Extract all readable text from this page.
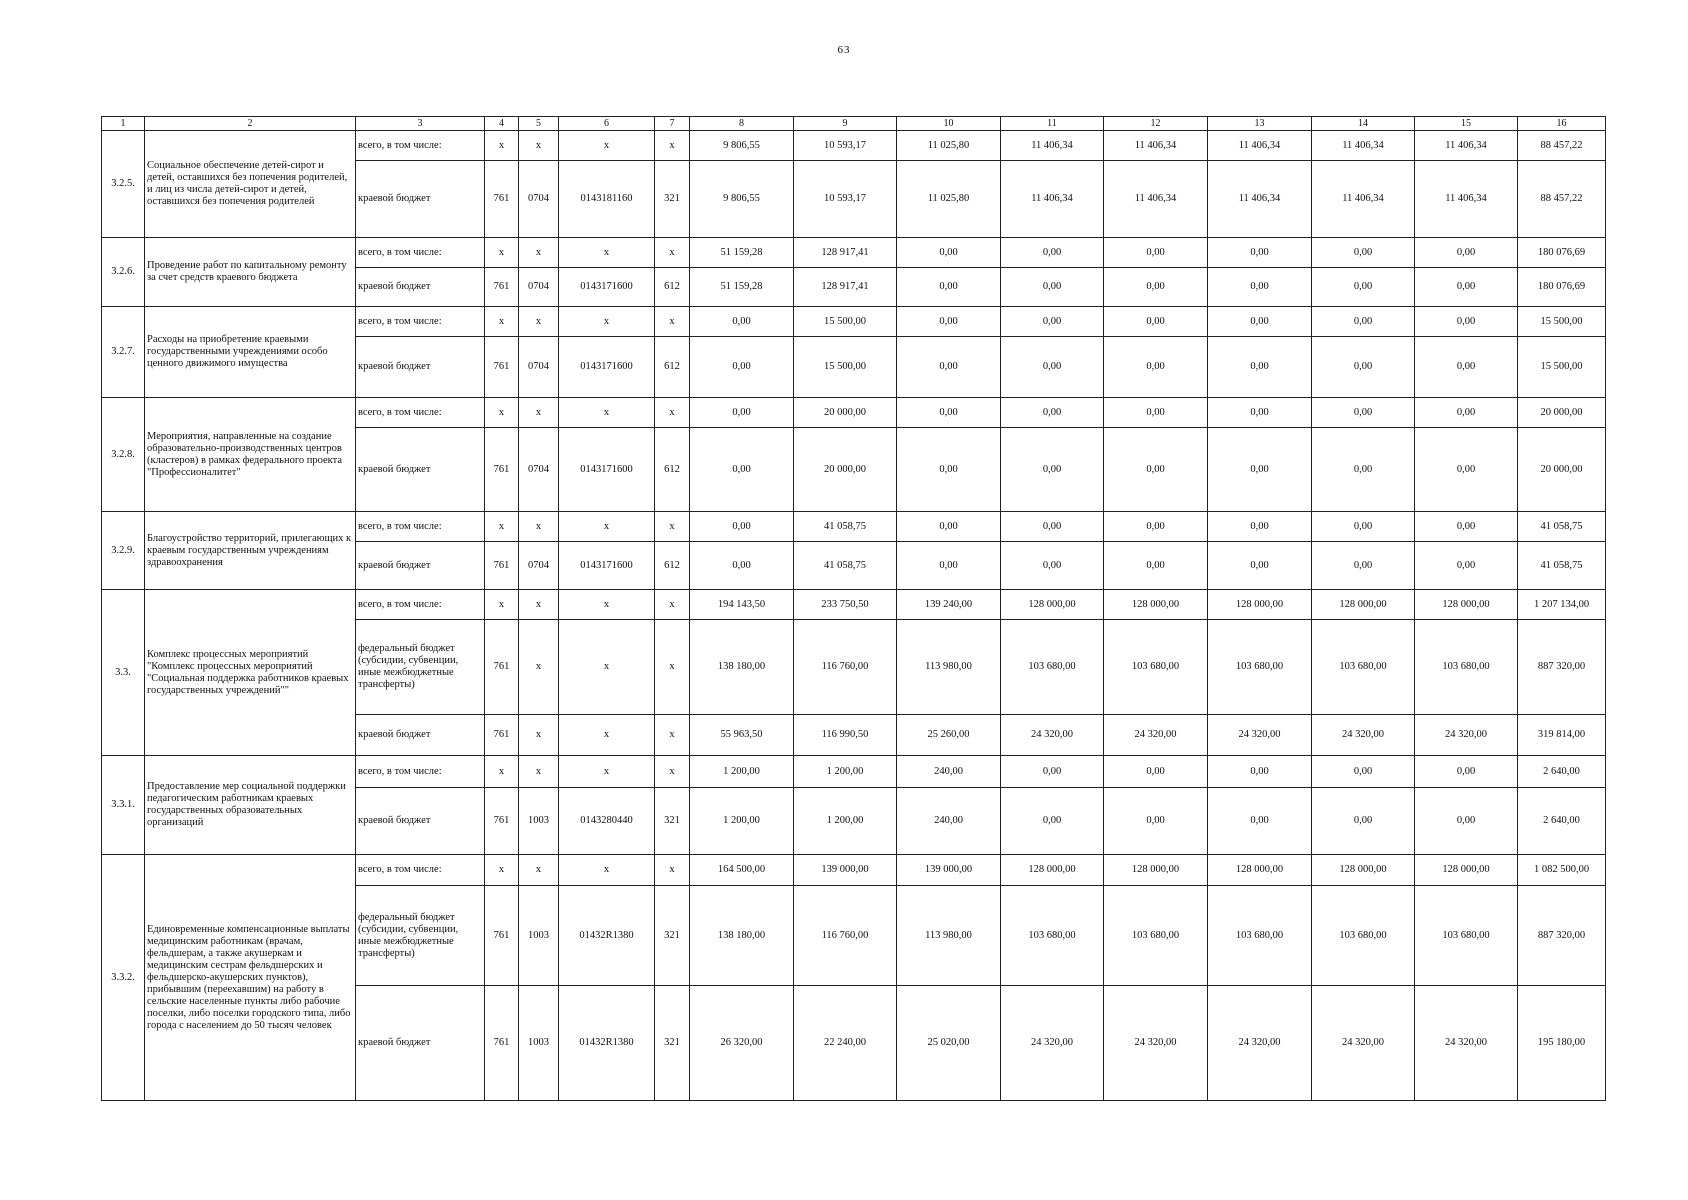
63
1	2	3	4	5	6	7	8	9	10	11	12	13	14	15	16
3.2.5.	Социальное обеспечение детей-сирот и детей, оставшихся без попечения родителей, и лиц из числа детей-сирот и детей, оставшихся без попечения родителей	всего, в том числе:	x	x	x	x	9 806,55	10 593,17	11 025,80	11 406,34	11 406,34	11 406,34	11 406,34	11 406,34	88 457,22
		краевой бюджет	761	0704	0143181160	321	9 806,55	10 593,17	11 025,80	11 406,34	11 406,34	11 406,34	11 406,34	11 406,34	88 457,22
3.2.6.	Проведение работ по капитальному ремонту за счет средств краевого бюджета	всего, в том числе:	x	x	x	x	51 159,28	128 917,41	0,00	0,00	0,00	0,00	0,00	0,00	180 076,69
		краевой бюджет	761	0704	0143171600	612	51 159,28	128 917,41	0,00	0,00	0,00	0,00	0,00	0,00	180 076,69
3.2.7.	Расходы на приобретение краевыми государственными учреждениями особо ценного движимого имущества	всего, в том числе:	x	x	x	x	0,00	15 500,00	0,00	0,00	0,00	0,00	0,00	0,00	15 500,00
		краевой бюджет	761	0704	0143171600	612	0,00	15 500,00	0,00	0,00	0,00	0,00	0,00	0,00	15 500,00
3.2.8.	Мероприятия, направленные на создание образовательно-производственных центров (кластеров) в рамках федерального проекта "Профессионалитет"	всего, в том числе:	x	x	x	x	0,00	20 000,00	0,00	0,00	0,00	0,00	0,00	0,00	20 000,00
		краевой бюджет	761	0704	0143171600	612	0,00	20 000,00	0,00	0,00	0,00	0,00	0,00	0,00	20 000,00
3.2.9.	Благоустройство территорий, прилегающих к краевым государственным учреждениям здравоохранения	всего, в том числе:	x	x	x	x	0,00	41 058,75	0,00	0,00	0,00	0,00	0,00	0,00	41 058,75
		краевой бюджет	761	0704	0143171600	612	0,00	41 058,75	0,00	0,00	0,00	0,00	0,00	0,00	41 058,75
3.3.	Комплекс процессных мероприятий "Комплекс процессных мероприятий "Социальная поддержка работников краевых государственных учреждений""	всего, в том числе:	x	x	x	x	194 143,50	233 750,50	139 240,00	128 000,00	128 000,00	128 000,00	128 000,00	128 000,00	1 207 134,00
		федеральный бюджет (субсидии, субвенции, иные межбюджетные трансферты)	761	x	x	x	138 180,00	116 760,00	113 980,00	103 680,00	103 680,00	103 680,00	103 680,00	103 680,00	887 320,00
		краевой бюджет	761	x	x	x	55 963,50	116 990,50	25 260,00	24 320,00	24 320,00	24 320,00	24 320,00	24 320,00	319 814,00
3.3.1.	Предоставление мер социальной поддержки педагогическим работникам краевых государственных образовательных организаций	всего, в том числе:	x	x	x	x	1 200,00	1 200,00	240,00	0,00	0,00	0,00	0,00	0,00	2 640,00
		краевой бюджет	761	1003	0143280440	321	1 200,00	1 200,00	240,00	0,00	0,00	0,00	0,00	0,00	2 640,00
3.3.2.	Единовременные компенсационные выплаты медицинским работникам (врачам, фельдшерам, а также акушеркам и медицинским сестрам фельдшерских и фельдшерско-акушерских пунктов), прибывшим (переехавшим) на работу в сельские населенные пункты либо рабочие поселки, либо поселки городского типа, либо города с населением до 50 тысяч человек	всего, в том числе:	x	x	x	x	164 500,00	139 000,00	139 000,00	128 000,00	128 000,00	128 000,00	128 000,00	128 000,00	1 082 500,00
		федеральный бюджет (субсидии, субвенции, иные межбюджетные трансферты)	761	1003	01432R1380	321	138 180,00	116 760,00	113 980,00	103 680,00	103 680,00	103 680,00	103 680,00	103 680,00	887 320,00
		краевой бюджет	761	1003	01432R1380	321	26 320,00	22 240,00	25 020,00	24 320,00	24 320,00	24 320,00	24 320,00	24 320,00	195 180,00
